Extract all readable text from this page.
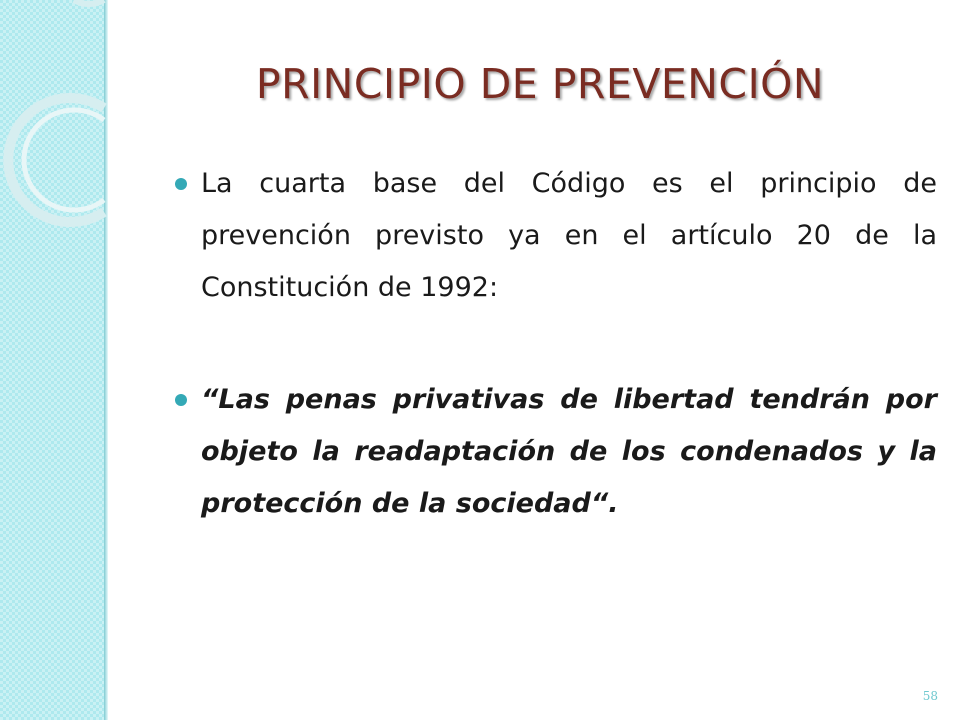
PRINCIPIO DE PREVENCIÓN
La cuarta base del Código es el principio de prevención previsto ya en el artículo 20 de la Constitución de 1992:
“Las penas privativas de libertad tendrán por objeto la readaptación de los condenados y la protección de la sociedad“.
58
